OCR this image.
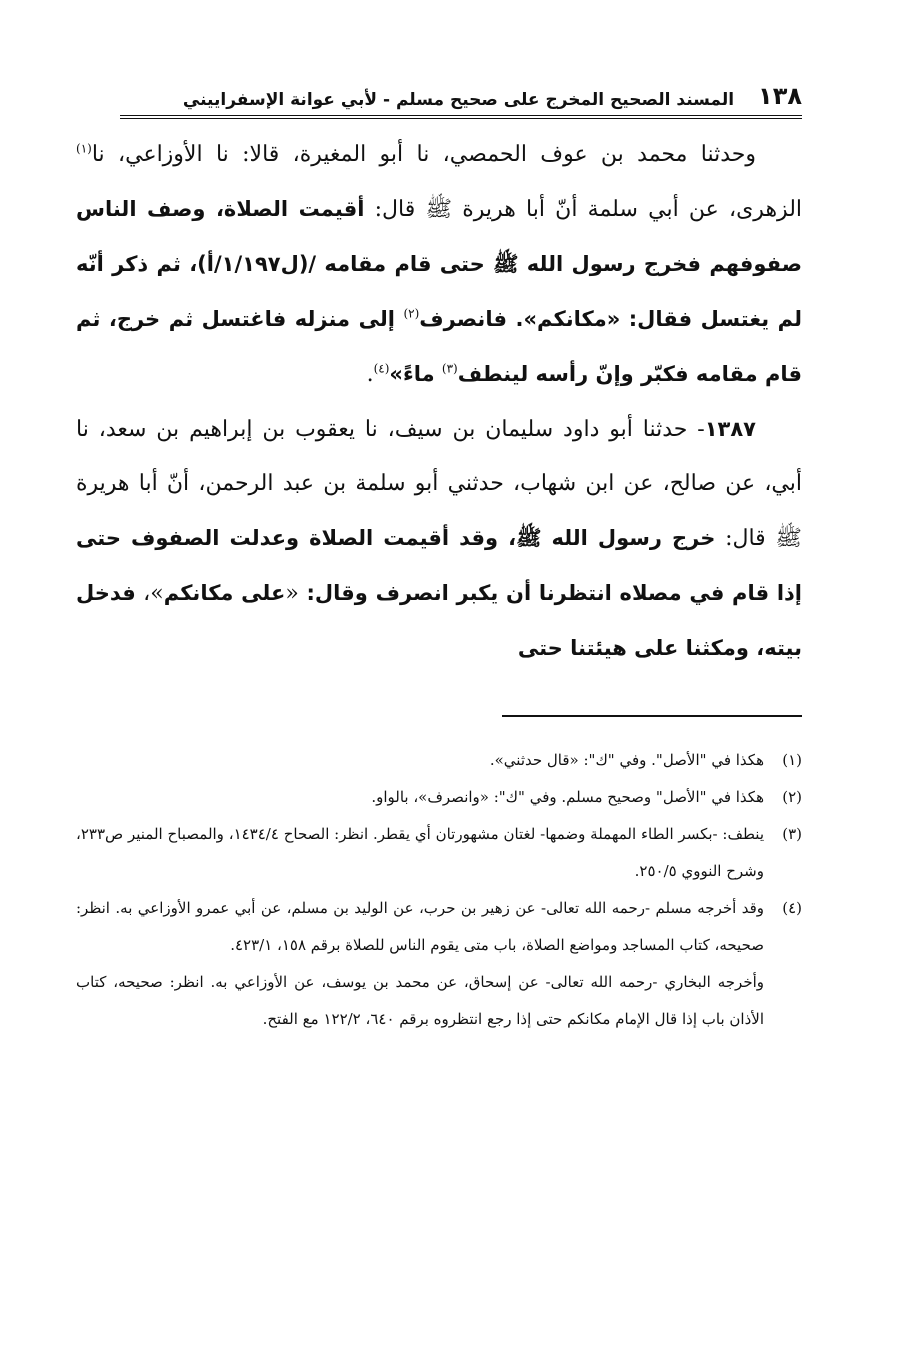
١٣٨
المسند الصحيح المخرج على صحيح مسلم - لأبي عوانة الإسفراييني

وحدثنا محمد بن عوف الحمصي، نا أبو المغيرة، قالا: نا الأوزاعي، نا$^{(١)}$ الزهرى، عن أبي سلمة أنّ أبا هريرة ﷺ قال: أقيمت الصلاة، وصف الناس صفوفهم فخرج رسول الله ﷺ حتى قام مقامه /(ل١/١٩٧/أ)، ثم ذكر أنّه لم يغتسل فقال: «مكانكم». فانصرف$^{(٢)}$ إلى منزله فاغتسل ثم خرج، ثم قام مقامه فكبّر وإنّ رأسه لينطف$^{(٣)}$ ماءً»$^{(٤)}$.

١٣٨٧- حدثنا أبو داود سليمان بن سيف، نا يعقوب بن إبراهيم بن سعد، نا أبي، عن صالح، عن ابن شهاب، حدثني أبو سلمة بن عبد الرحمن، أنّ أبا هريرة ﷺ قال: خرج رسول الله ﷺ، وقد أقيمت الصلاة وعدلت الصفوف حتى إذا قام في مصلاه انتظرنا أن يكبر انصرف وقال: «على مكانكم»، فدخل بيته، ومكثنا على هيئتنا حتى

(١)هكذا في "الأصل". وفي "ك": «قال حدثني».

(٢)هكذا في "الأصل" وصحيح مسلم. وفي "ك": «وانصرف»، بالواو.

(٣)ينطف: -بكسر الطاء المهملة وضمها- لغتان مشهورتان أي يقطر. انظر: الصحاح ١٤٣٤/٤، والمصباح المنير ص٢٣٣، وشرح النووي ٢٥٠/٥.

(٤)وقد أخرجه مسلم -رحمه الله تعالى- عن زهير بن حرب، عن الوليد بن مسلم، عن أبي عمرو الأوزاعي به. انظر: صحيحه، كتاب المساجد ومواضع الصلاة، باب متى يقوم الناس للصلاة برقم ١٥٨، ٤٢٣/١.

وأخرجه البخاري -رحمه الله تعالى- عن إسحاق، عن محمد بن يوسف، عن الأوزاعي به. انظر: صحيحه، كتاب الأذان باب إذا قال الإمام مكانكم حتى إذا رجع انتظروه برقم ٦٤٠، ١٢٢/٢ مع الفتح.
